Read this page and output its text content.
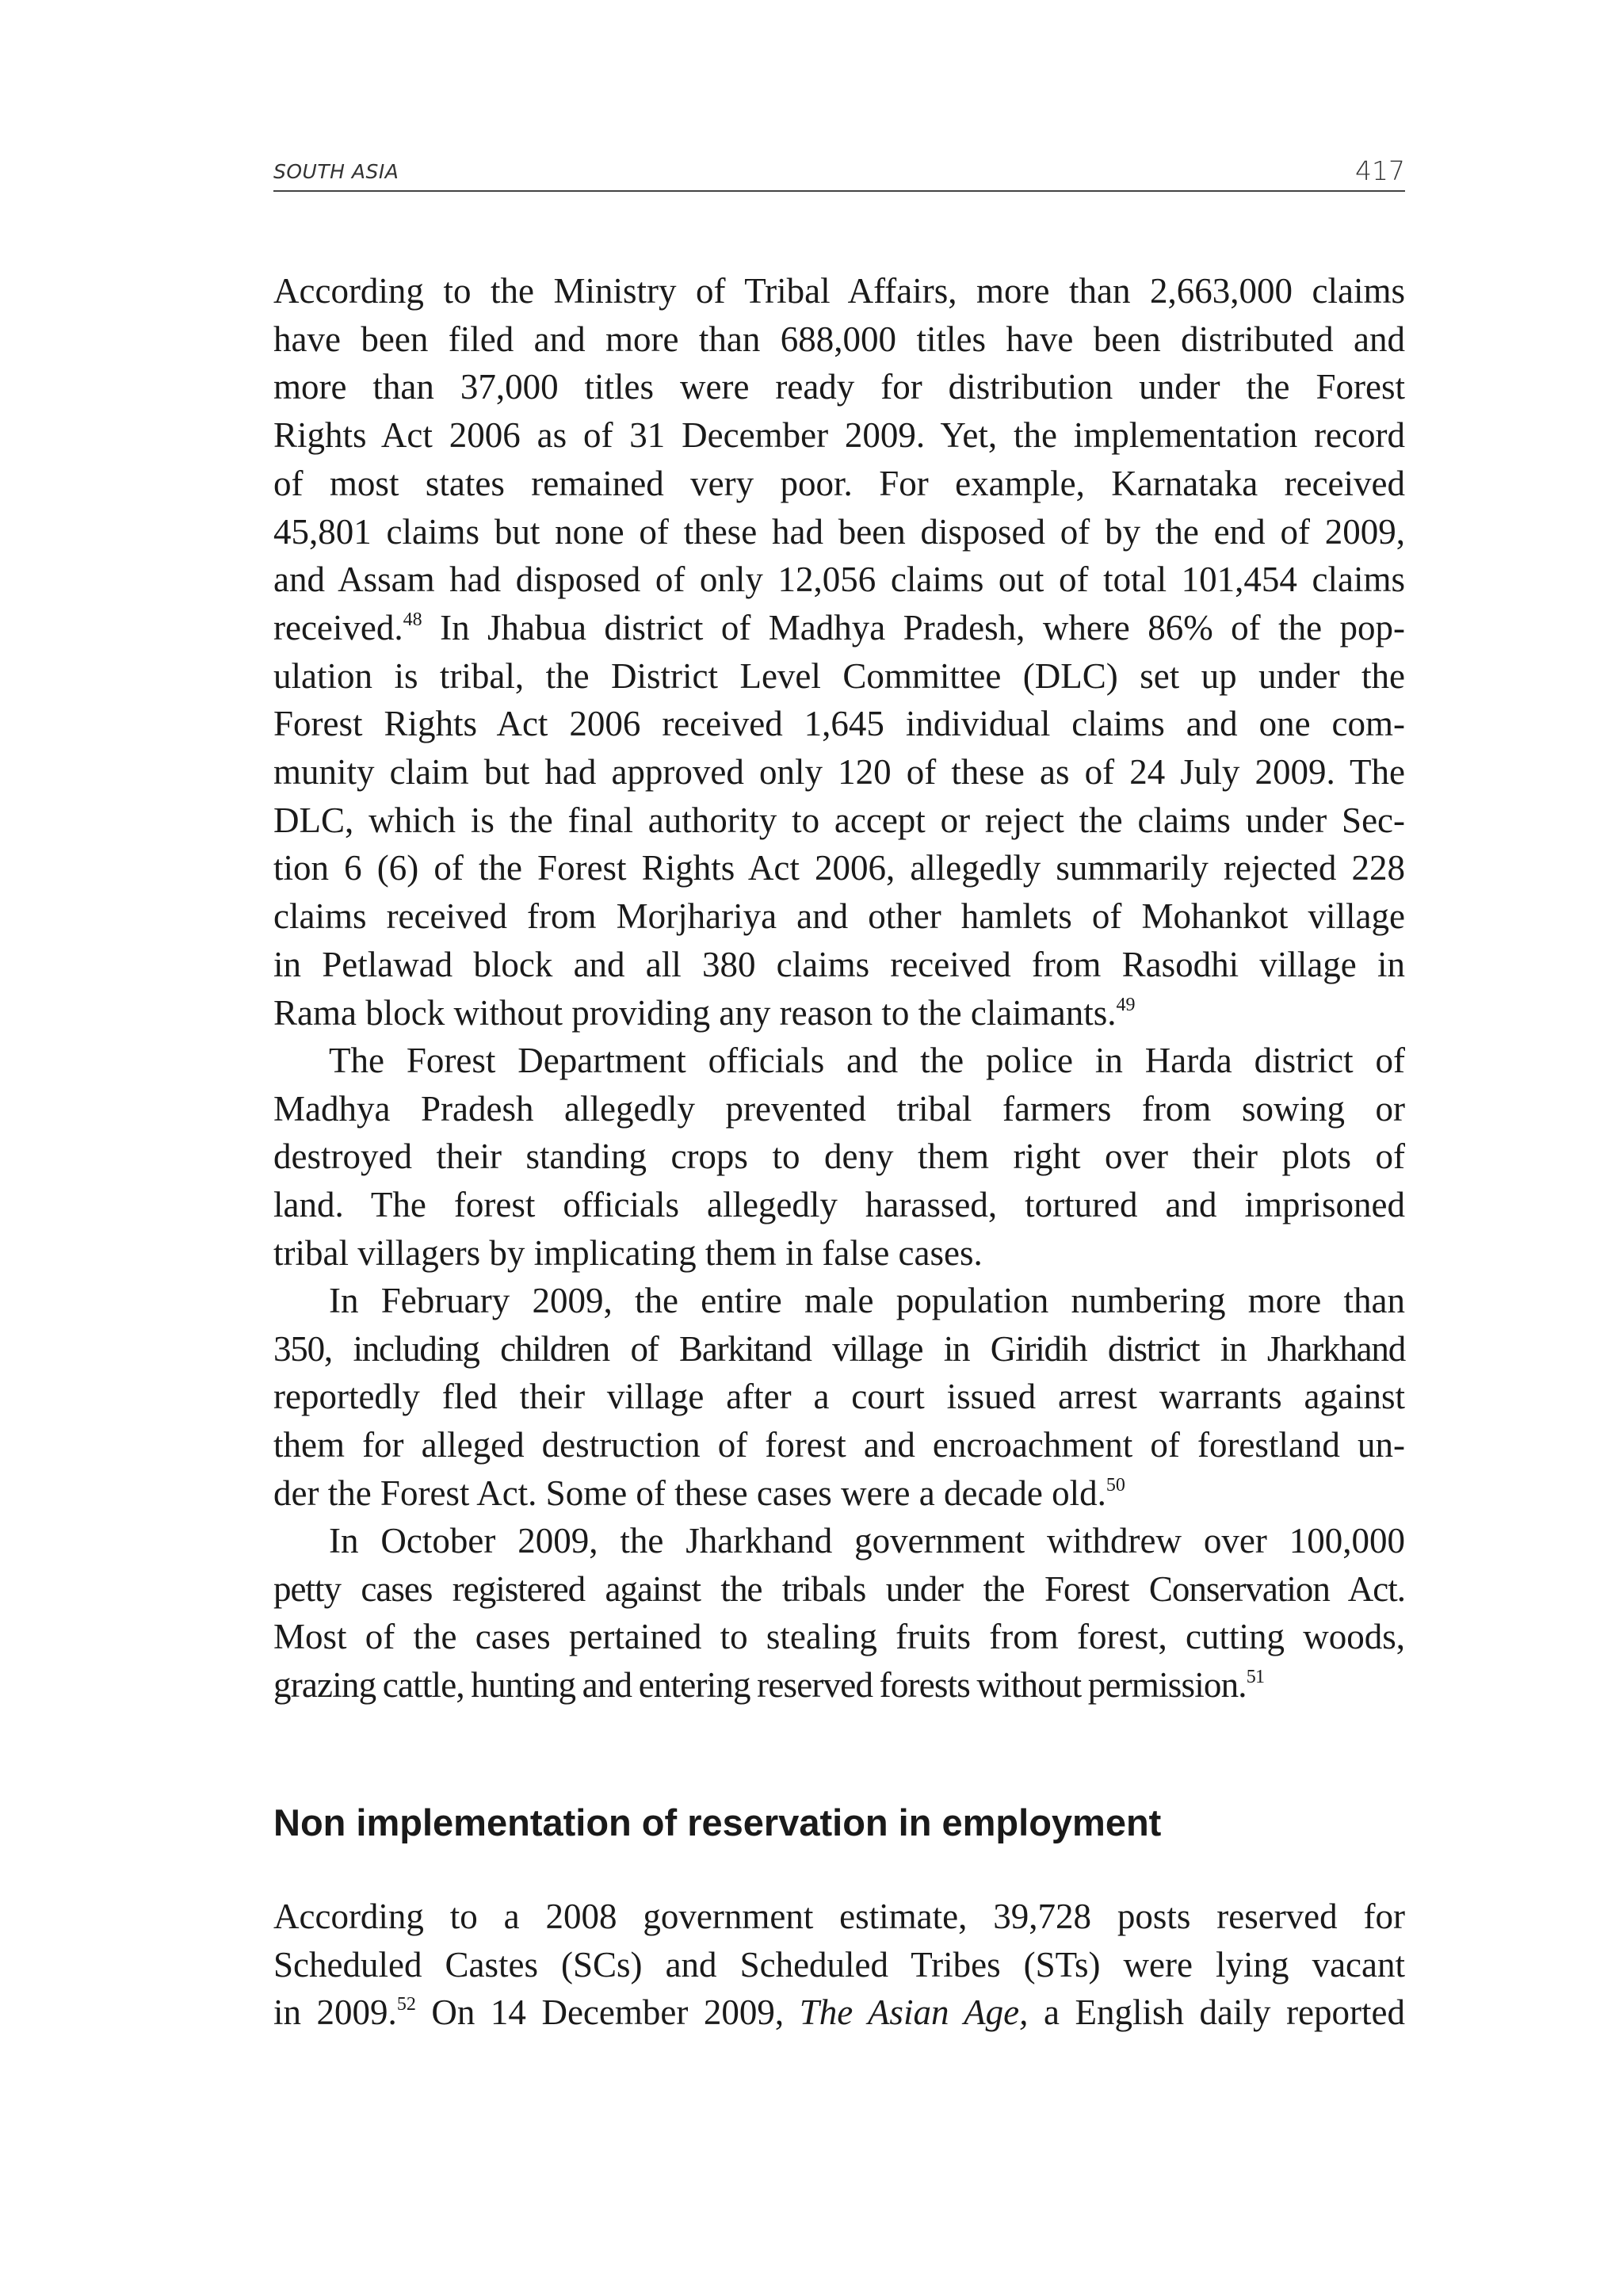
SOUTH ASIA	417

According to the Ministry of Tribal Affairs, more than 2,663,000 claims
have been filed and more than 688,000 titles have been distributed and
more than 37,000 titles were ready for distribution under the Forest
Rights Act 2006 as of 31 December 2009. Yet, the implementation record
of most states remained very poor. For example, Karnataka received
45,801 claims but none of these had been disposed of by the end of 2009,
and Assam had disposed of only 12,056 claims out of total 101,454 claims
received.$^{48}$ In Jhabua district of Madhya Pradesh, where 86% of the pop-
ulation is tribal, the District Level Committee (DLC) set up under the
Forest Rights Act 2006 received 1,645 individual claims and one com-
munity claim but had approved only 120 of these as of 24 July 2009. The
DLC, which is the final authority to accept or reject the claims under Sec-
tion 6 (6) of the Forest Rights Act 2006, allegedly summarily rejected 228
claims received from Morjhariya and other hamlets of Mohankot village
in Petlawad block and all 380 claims received from Rasodhi village in
Rama block without providing any reason to the claimants.$^{49}$

The Forest Department officials and the police in Harda district of
Madhya Pradesh allegedly prevented tribal farmers from sowing or
destroyed their standing crops to deny them right over their plots of
land. The forest officials allegedly harassed, tortured and imprisoned
tribal villagers by implicating them in false cases.

In February 2009, the entire male population numbering more than
350, including children of Barkitand village in Giridih district in Jharkhand
reportedly fled their village after a court issued arrest warrants against
them for alleged destruction of forest and encroachment of forestland un-
der the Forest Act. Some of these cases were a decade old.$^{50}$

In October 2009, the Jharkhand government withdrew over 100,000
petty cases registered against the tribals under the Forest Conservation Act.
Most of the cases pertained to stealing fruits from forest, cutting woods,
grazing cattle, hunting and entering reserved forests without permission.$^{51}$

Non implementation of reservation in employment

According to a 2008 government estimate, 39,728 posts reserved for
Scheduled Castes (SCs) and Scheduled Tribes (STs) were lying vacant
in 2009.52 On 14 December 2009, The Asian Age, a English daily reported
